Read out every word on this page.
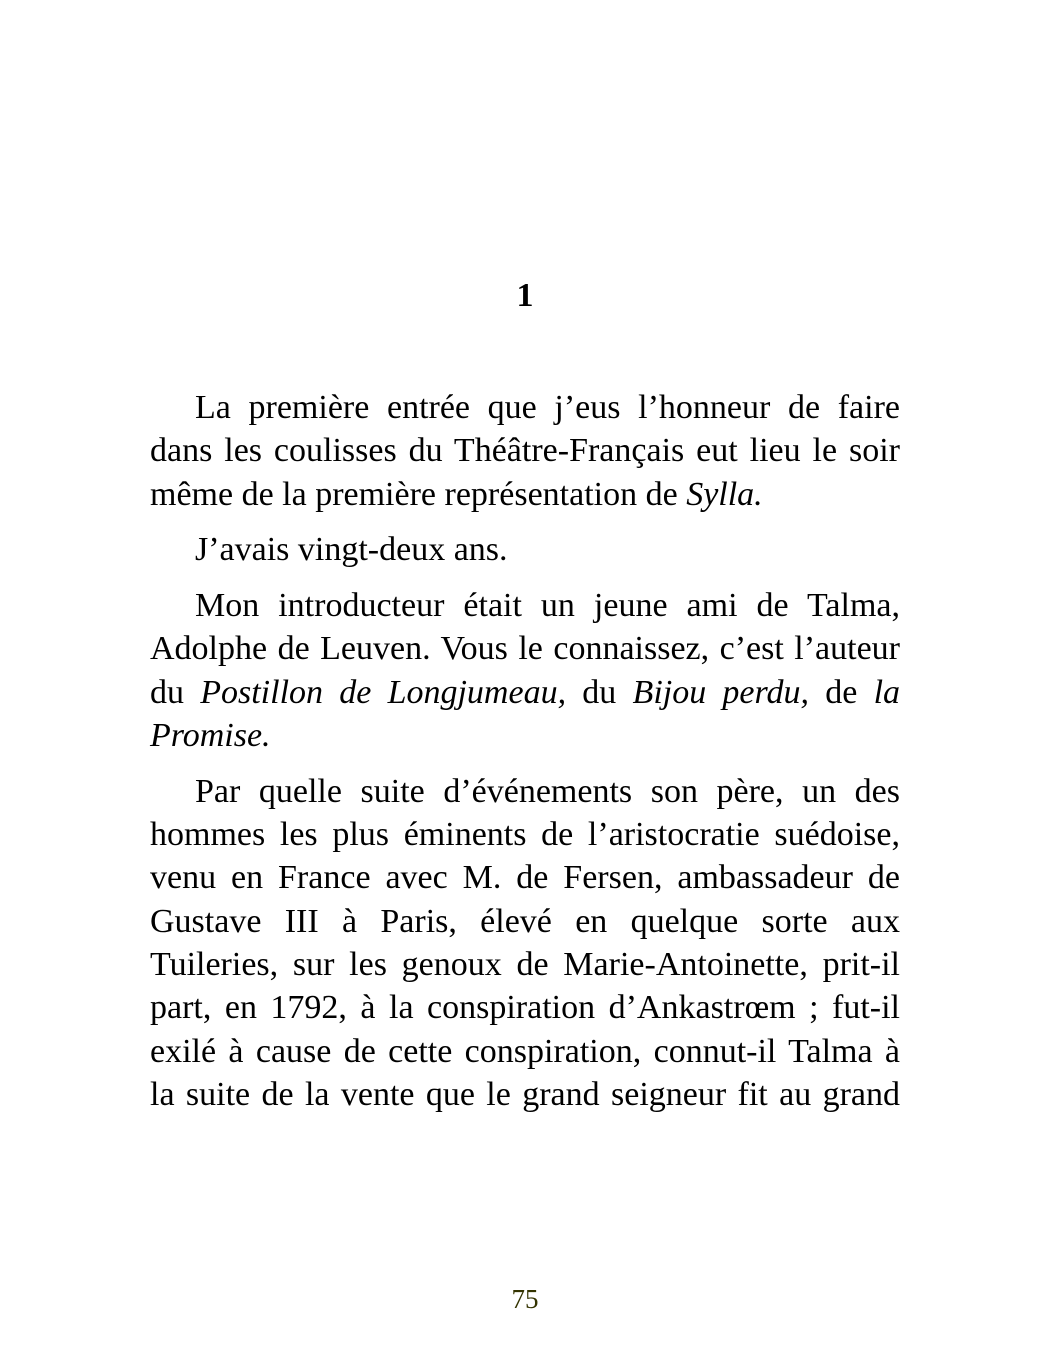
1

La première entrée que j’eus l’honneur de faire dans les coulisses du Théâtre-Français eut lieu le soir même de la première représentation de Sylla.

J’avais vingt-deux ans.

Mon introducteur était un jeune ami de Talma, Adolphe de Leuven. Vous le connaissez, c’est l’auteur du Postillon de Longjumeau, du Bijou perdu, de la Promise.

Par quelle suite d’événements son père, un des hommes les plus éminents de l’aristocratie suédoise, venu en France avec M. de Fersen, ambassadeur de Gustave III à Paris, élevé en quelque sorte aux Tuileries, sur les genoux de Marie-Antoinette, prit-il part, en 1792, à la conspiration d’Ankastrœm ; fut-il exilé à cause de cette conspiration, connut-il Talma à la suite de la vente que le grand seigneur fit au grand

75
